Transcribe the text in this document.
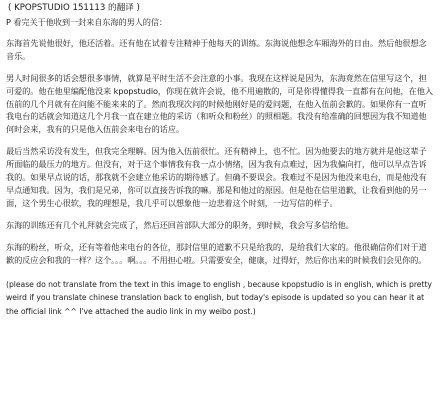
( KPOPSTUDIO 151113 的翻译 )

P 看完关于他收到一封来自东海的男人的信：

东海首先说他很好，他还活着。还有他在试着专注精神于他每天的训练。东海说他想念车厢海外的日由。然后他很想念音乐。

男人时间很多的话会想很多事情，就算是平时生活不会注意的小事。我现在这样说是因为，东海竟然在信里写这个，担可爱的。他在他里编配他没来 kpopstudio，你现在就许会说，他不用遍散的，可是你得懂得我一直都有在问他，在他入伍前的几个月就有在问能不能来来的了。然而我现次问的时候他刚好是的爱问题，在他入伍前会歉的。如果你有一直听我电台的话就会知道这几个月我一直在建立他的采访（和听众和粉丝）的照相题。我没有给准确的回想因为我不知道他何时会来，我有的只是他入伍前会来电台的话应。

最后当然采访没有发生，但我完全理解。因为他入伍前很忙。还有精神上，也不忙。因为他要去的地方就并是他这辈子所面临的最压力的地方。但没有，对于这个事情我有我一点小情绪，因为我有点难过，因为我偏向打，他可以早点告诉我的。如果早点说的话，那我就不会建立他采访的期待感了。但确不要误会。我难过不是因为他没来电台，而是他没有早点通知我。因为，我们是兄弟，你可以直接告诉我的嘛。那是和他过的原因。但是他在信里道歉，让我看到他的另一面，这个男生心很软，我的理想是，我几乎可以想象他一边悲着这个时刻，一边写信的样子。

东海的训练还有几个礼拜就会完成了，然后还回首部队大部分的职务，到时候，我会写多信给他。

东海的粉丝，听众，还有等着他来电台的各位，那封信里的道歉不只是给我的，是给我们大家的。他很确信你们对于道歉的反应会和我的一样？这个。。。啊。。。不用担心啦。只需要安全，健康，过得好，然后你出来的时候我们会见你的。

(please do not translate from the text in this image to english , because kpopstudio is in english, which is pretty weird if you translate chinese translation back to english, but today's episode is updated so you can hear it at the official link ^^ I've attached the audio link in my weibo post.)
